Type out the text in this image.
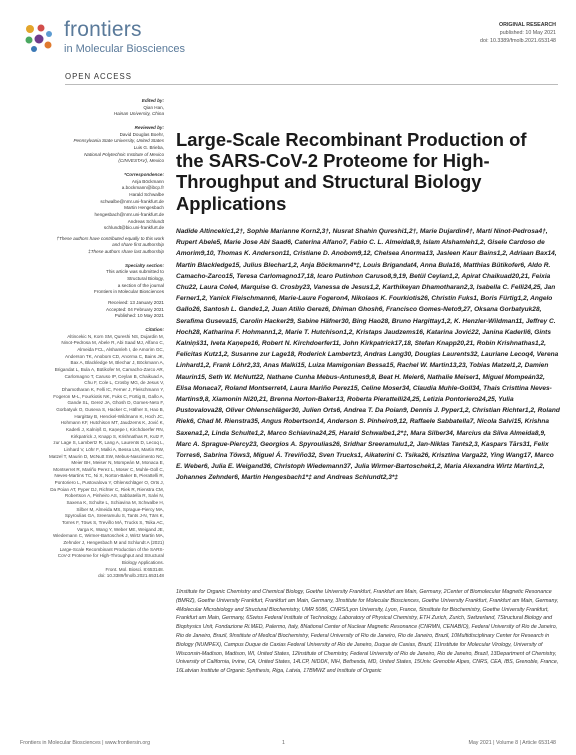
frontiers
in Molecular Biosciences
ORIGINAL RESEARCH
published: 10 May 2021
doi: 10.3389/fmolb.2021.653148
OPEN ACCESS
Edited by:
Qian Han,
Hainan University, China
Reviewed by:
David Douglas Boehr,
Pennsylvania State University, United States
Luis G. Brieba,
National Polytechnic Institute of Mexico
(CINVESTAV), Mexico
*Correspondence:
Anja Böckmann
a.bockmann@ibcp.fr
Harald Schwalbe
schwalbe@nmr.uni-frankfurt.de
Martin Hengesbach
hengesbach@nmr.uni-frankfurt.de
Andreas Schlundt
schlundt@bio.uni-frankfurt.de
†These authors have contributed equally to this work
and share first authorship
‡These authors share last authorship
Specialty section:
This article was submitted to
Structural Biology,
a section of the journal
Frontiers in Molecular Biosciences
Received: 13 January 2021
Accepted: 04 February 2021
Published: 10 May 2021
Citation:
Altincekic N, Korn SM, Qureshi NS, Dujardin M,
Ninot-Pedrosa M, Abele R, Abi Saad MJ, Alfano C,
Almeida FCL, Alshamleh I, de Amorim GC,
Anderson TK, Anobom CD, Anorma C, Bains JK,
Bax A, Blackledge M, Blechar J, Böckmann A,
Brigandat L, Bula A, Bütikofer M, Camacho-Zarco AR,
Carlomagno T, Caruso IP, Ceylan B, Chaikuad A,
Chu F, Cole L, Crosby MG, de Jesus V,
Dhamotharan K, Felli IC, Ferner J, Fleischmann Y,
Fogeron M-L, Fourkiotis NK, Fuks C, Fürtig B, Gallo A,
Gande SL, Gerez JA, Ghosh D, Gomes-Neto F,
Gorbatyuk O, Guseva S, Hacker C, Häfner S, Hao B,
Hargittay B, Henckel-Wildmann K, Hoch JC,
Hohmann KF, Hutchison MT, Jaudzems K, Jović K,
Kaderli J, Kalniņš G, Kaņepe I, Kirchdoerfer RN,
Kirkpatrick J, Knapp S, Krishnathas R, Kutz F,
zur Lage S, Lambertz R, Lang A, Laurents D, Lecoq L,
Linhard V, Löhr F, Malki A, Bessa LM, Martin RW,
Matzel T, Maurin D, McNutt SW, Mebus-Nascimento NC,
Meier BH, Meiser N, Mompeán M, Monaca E,
Montserret R, Mariño Perez L, Moser C, Muhle-Goll C,
Neves-Martins TC, Ni X, Norton-Baker B, Pierattelli R,
Pontoriero L, Pustovalova Y, Ohlenschläger O, Orts J,
Da Poian AT, Pyper DJ, Richter C, Riek R, Rienstra CM,
Robertson A, Pinheiro AS, Sabbatella R, Salvi N,
Saxena K, Schulte L, Schiavina M, Schwalbe H,
Silber M, Almeida MS, Sprague-Piercy MA,
Spyroulias GA, Sreeramulu S, Tants J-N, Tārs K,
Torres F, Töws S, Treviño MÁ, Trucks S, Tsika AC,
Varga K, Wang Y, Weber ME, Weigand JE,
Wiedemann C, Wirmer-Bartoschek J, Wirtz Martin MA,
Zehnder J, Hengesbach M and Schlundt A (2021)
Large-Scale Recombinant Production of the SARS-
CoV-2 Proteome for High-Throughput and Structural
Biology Applications.
Front. Mol. Biosci. 8:653148.
doi: 10.3389/fmolb.2021.653148
Large-Scale Recombinant Production of the SARS-CoV-2 Proteome for High-Throughput and Structural Biology Applications
Nadide Altincekic1,2†, Sophie Marianne Korn2,3†, Nusrat Shahin Qureshi1,2†, Marie Dujardin4†, Martí Ninot-Pedrosa4†, Rupert Abele5, Marie Jose Abi Saad6, Caterina Alfano7, Fabio C. L. Almeida8,9, Islam Alshamleh1,2, Gisele Cardoso de Amorim9,10, Thomas K. Anderson11, Cristiane D. Anobom9,12, Chelsea Anorma13, Jasleen Kaur Bains1,2, Adriaan Bax14, Martin Blackledge15, Julius Blechar1,2, Anja Böckmann4*‡, Louis Brigandat4, Anna Bula16, Matthias Bütikofer6, Aldo R. Camacho-Zarco15, Teresa Carlomagno17,18, Icaro Putinhon Caruso8,9,19, Betül Ceylan1,2, Apirat Chaikuad20,21, Feixia Chu22, Laura Cole4, Marquise G. Crosby23, Vanessa de Jesus1,2, Karthikeyan Dhamotharan2,3, Isabella C. Felli24,25, Jan Ferner1,2, Yanick Fleischmann6, Marie-Laure Fogeron4, Nikolaos K. Fourkiotis26, Christin Fuks1, Boris Fürtig1,2, Angelo Gallo26, Santosh L. Gande1,2, Juan Atilio Gerez6, Dhiman Ghosh6, Francisco Gomes-Neto9,27, Oksana Gorbatyuk28, Serafima Guseva15, Carolin Hacker29, Sabine Häfner30, Bing Hao28, Bruno Hargittay1,2, K. Henzler-Wildman11, Jeffrey C. Hoch28, Katharina F. Hohmann1,2, Marie T. Hutchison1,2, Kristaps Jaudzems16, Katarina Jović22, Janina Kaderli6, Gints Kalniņš31, Iveta Kaņepe16, Robert N. Kirchdoerfer11, John Kirkpatrick17,18, Stefan Knapp20,21, Robin Krishnathas1,2, Felicitas Kutz1,2, Susanne zur Lage18, Roderick Lambertz3, Andras Lang30, Douglas Laurents32, Lauriane Lecoq4, Verena Linhard1,2, Frank Löhr2,33, Anas Malki15, Luiza Mamigonian Bessa15, Rachel W. Martin13,23, Tobias Matzel1,2, Damien Maurin15, Seth W. McNutt22, Nathane Cunha Mebus-Antunes9,8, Beat H. Meier6, Nathalie Meiser1, Miguel Mompeán32, Elisa Monaca7, Roland Montserret4, Laura Mariño Perez15, Celine Moser34, Claudia Muhle-Goll34, Thais Cristtina Neves-Martins9,8, Xiamonin Ni20,21, Brenna Norton-Baker13, Roberta Pierattelli24,25, Letizia Pontoriero24,25, Yulia Pustovalova28, Oliver Ohlenschläger30, Julien Orts6, Andrea T. Da Poian9, Dennis J. Pyper1,2, Christian Richter1,2, Roland Riek6, Chad M. Rienstra35, Angus Robertson14, Anderson S. Pinheiro9,12, Raffaele Sabbatella7, Nicola Salvi15, Krishna Saxena1,2, Linda Schulte1,2, Marco Schiavina24,25, Harald Schwalbe1,2*‡, Mara Silber34, Marcius da Silva Almeida8,9, Marc A. Sprague-Piercy23, Georgios A. Spyroulias26, Sridhar Sreeramulu1,2, Jan-Niklas Tants2,3, Kaspars Tārs31, Felix Torres6, Sabrina Töws3, Miguel Á. Treviño32, Sven Trucks1, Aikaterini C. Tsika26, Krisztina Varga22, Ying Wang17, Marco E. Weber6, Julia E. Weigand36, Christoph Wiedemann37, Julia Wirmer-Bartoschek1,2, Maria Alexandra Wirtz Martin1,2, Johannes Zehnder6, Martin Hengesbach1*‡ and Andreas Schlundt2,3*‡
1Institute for Organic Chemistry and Chemical Biology, Goethe University Frankfurt, Frankfurt am Main, Germany, 2Center of Biomolecular Magnetic Resonance (BMRZ), Goethe University Frankfurt, Frankfurt am Main, Germany, 3Institute for Molecular Biosciences, Goethe University Frankfurt, Frankfurt am Main, Germany, 4Molecular Microbiology and Structural Biochemistry, UMR 5086, CNRS/Lyon University, Lyon, France, 5Institute for Biochemistry, Goethe University Frankfurt, Frankfurt am Main, Germany, 6Swiss Federal Institute of Technology, Laboratory of Physical Chemistry, ETH Zurich, Zurich, Switzerland, 7Structural Biology and Biophysics Unit, Fondazione Ri.MED, Palermo, Italy, 8National Center of Nuclear Magnetic Resonance (CNRMN, CENABIO), Federal University of Rio de Janeiro, Rio de Janeiro, Brazil, 9Institute of Medical Biochemistry, Federal University of Rio de Janeiro, Rio de Janeiro, Brazil, 10Multidisciplinary Center for Research in Biology (NUMPEX), Campus Duque de Caxias Federal University of Rio de Janeiro, Duque de Caxias, Brazil, 11Institute for Molecular Virology, University of Wisconsin-Madison, Madison, WI, United States, 12Institute of Chemistry, Federal University of Rio de Janeiro, Rio de Janeiro, Brazil, 13Department of Chemistry, University of California, Irvine, CA, United States, 14LCP, NIDDK, NIH, Bethesda, MD, United States, 15Univ. Grenoble Alpes, CNRS, CEA, IBS, Grenoble, France, 16Latvian Institute of Organic Synthesis, Riga, Latvia, 17BMWZ and Institute of Organic
Frontiers in Molecular Biosciences | www.frontiersin.org	1	May 2021 | Volume 8 | Article 653148
